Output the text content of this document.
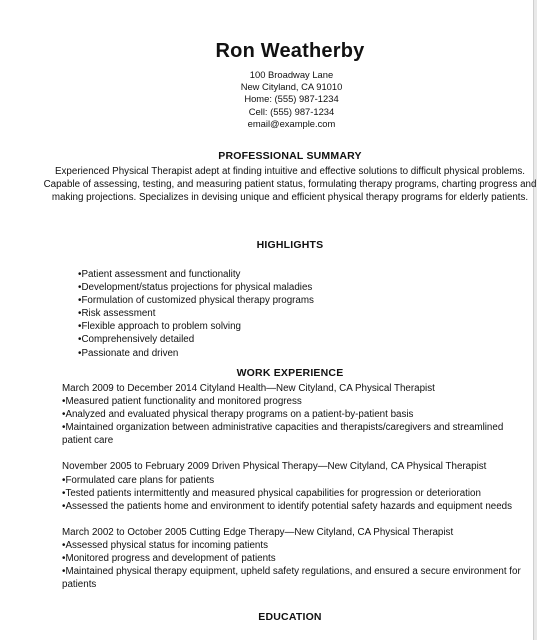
Ron Weatherby
100 Broadway Lane
New Cityland, CA 91010
Home: (555) 987-1234
Cell: (555) 987-1234
email@example.com
PROFESSIONAL SUMMARY
Experienced Physical Therapist adept at finding intuitive and effective solutions to difficult physical problems. Capable of assessing, testing, and measuring patient status, formulating therapy programs, charting progress and making projections. Specializes in devising unique and efficient physical therapy programs for elderly patients.
HIGHLIGHTS
• Patient assessment and functionality
• Development/status projections for physical maladies
• Formulation of customized physical therapy programs
• Risk assessment
• Flexible approach to problem solving
• Comprehensively detailed
• Passionate and driven
WORK EXPERIENCE
March 2009 to December 2014 Cityland Health—New Cityland, CA Physical Therapist
• Measured patient functionality and monitored progress
• Analyzed and evaluated physical therapy programs on a patient-by-patient basis
• Maintained organization between administrative capacities and therapists/caregivers and streamlined patient care
November 2005 to February 2009 Driven Physical Therapy—New Cityland, CA Physical Therapist
• Formulated care plans for patients
• Tested patients intermittently and measured physical capabilities for progression or deterioration
• Assessed the patients home and environment to identify potential safety hazards and equipment needs
March 2002 to October 2005 Cutting Edge Therapy—New Cityland, CA Physical Therapist
• Assessed physical status for incoming patients
• Monitored progress and development of patients
• Maintained physical therapy equipment, upheld safety regulations, and ensured a secure environment for patients
EDUCATION
